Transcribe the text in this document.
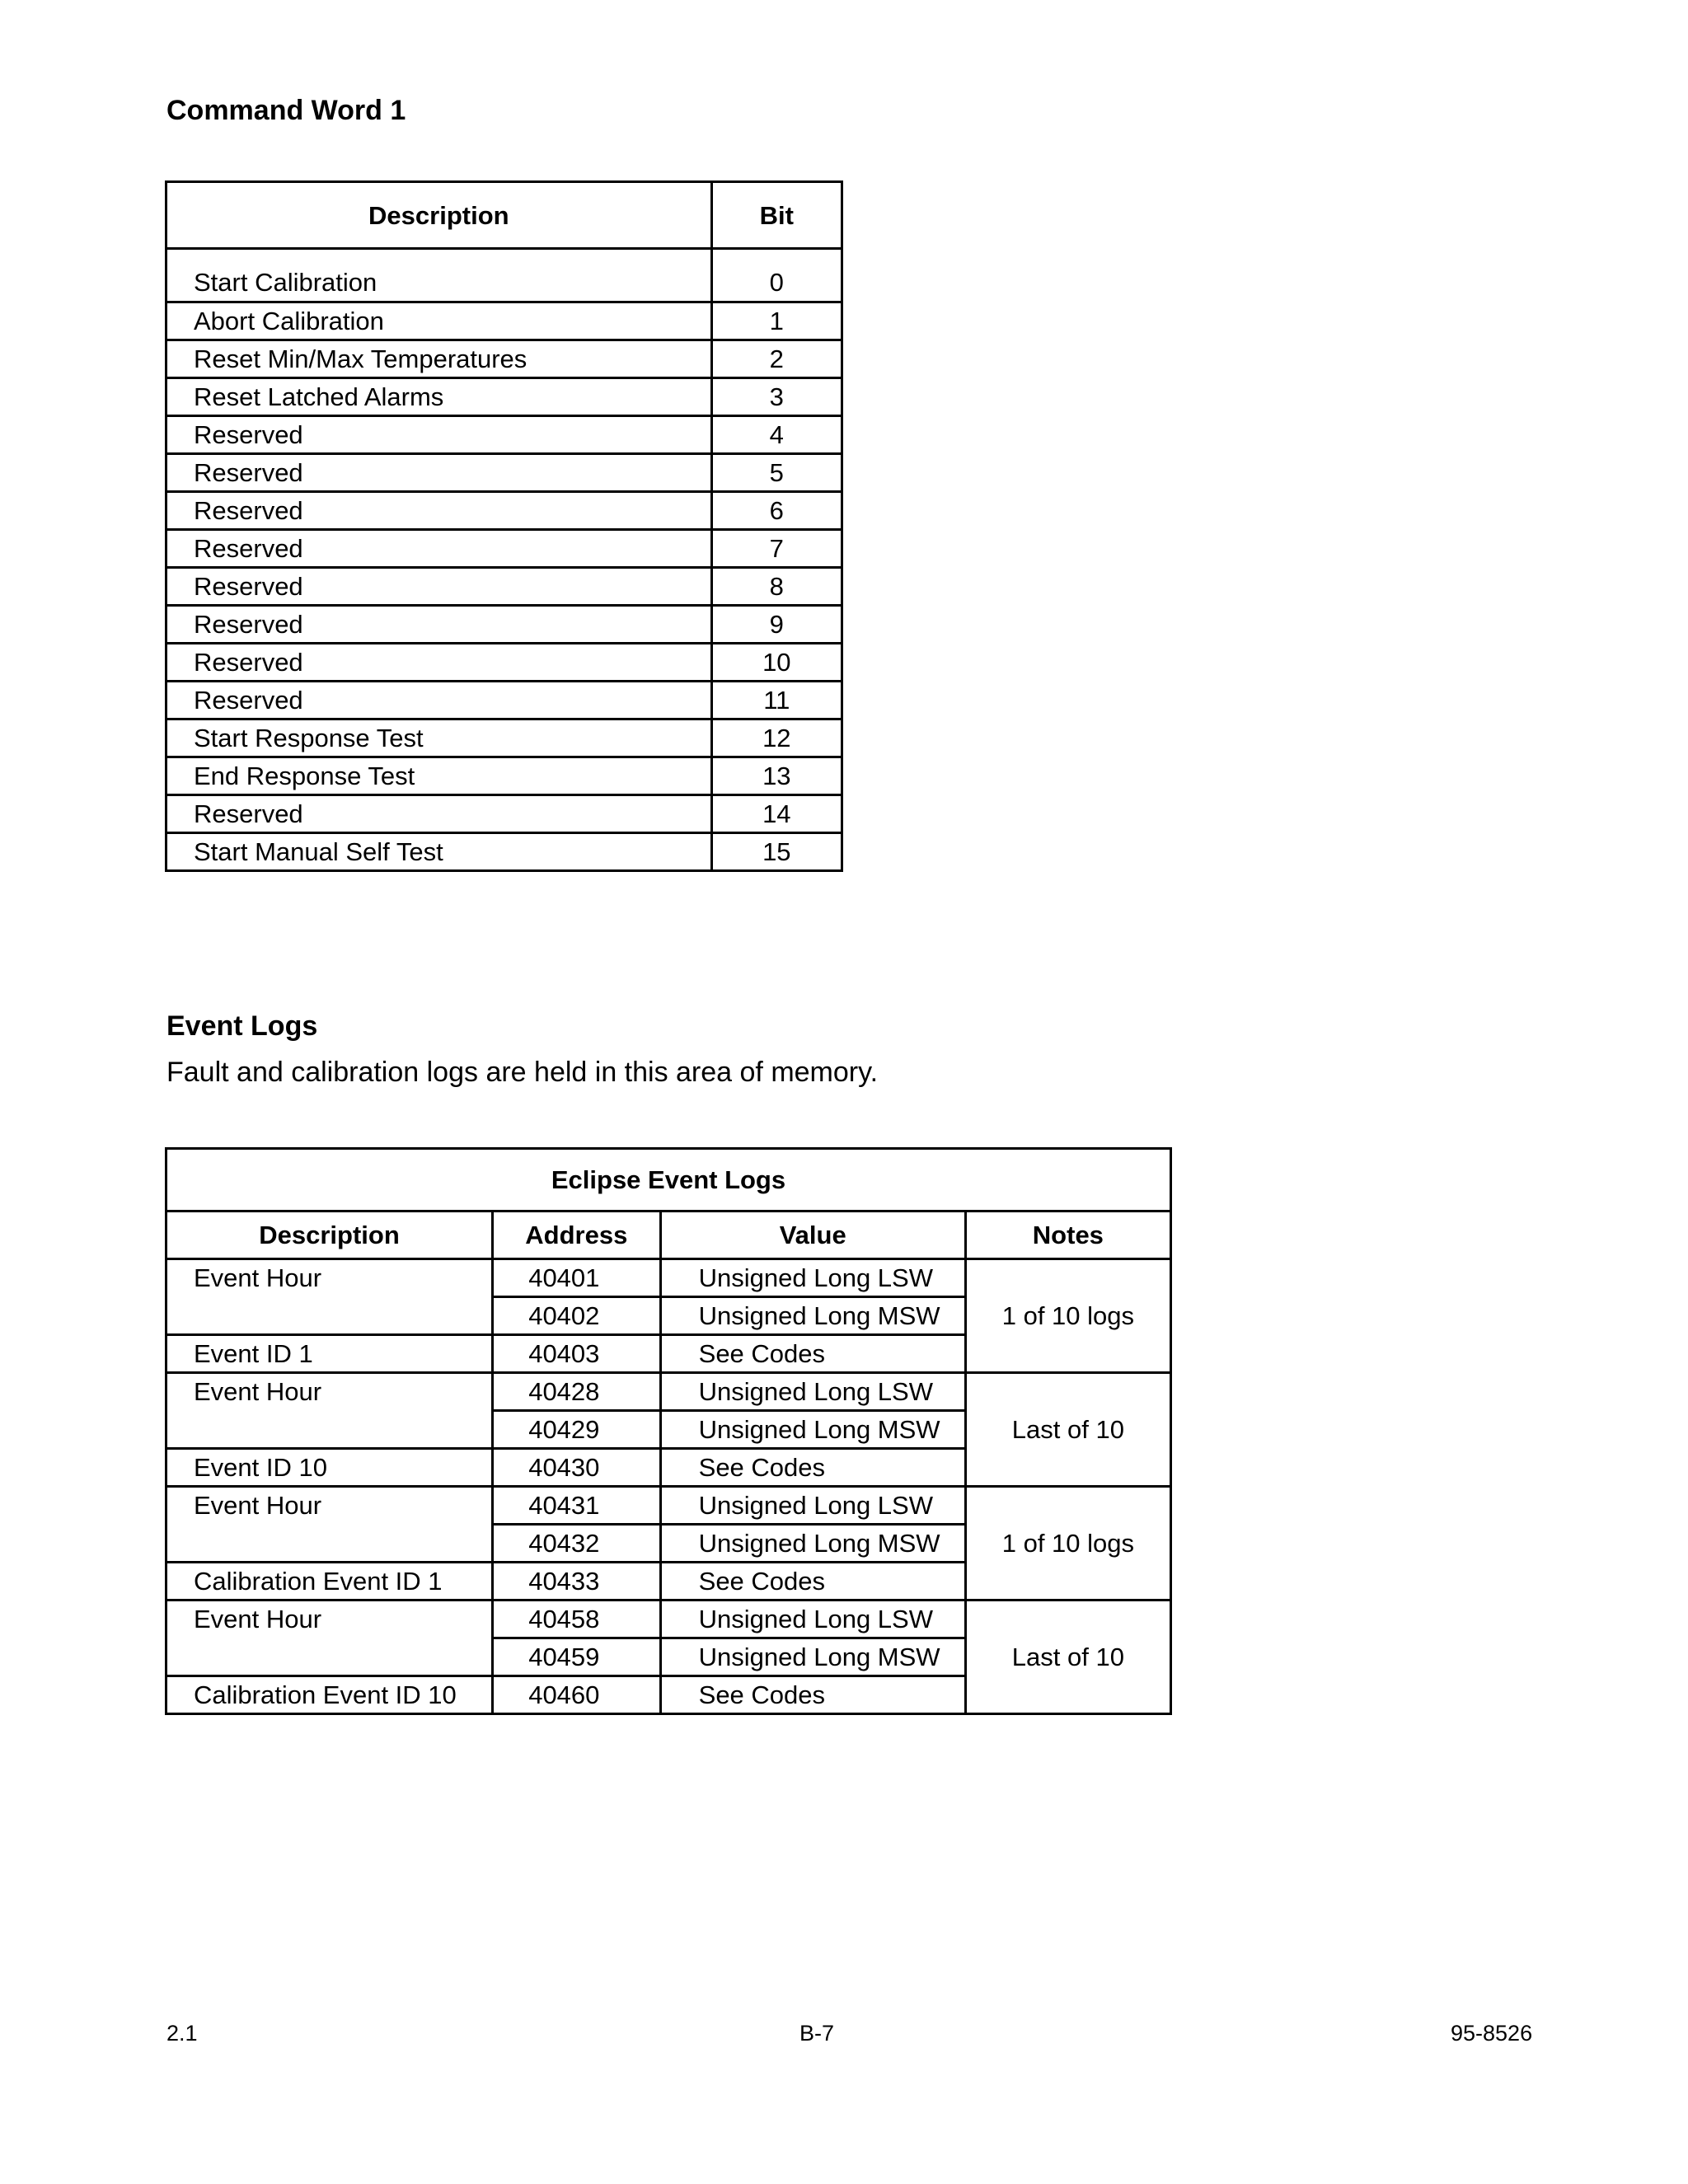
Command Word 1
Description	Bit
Start Calibration	0
Abort Calibration	1
Reset Min/Max Temperatures	2
Reset Latched Alarms	3
Reserved	4
Reserved	5
Reserved	6
Reserved	7
Reserved	8
Reserved	9
Reserved	10
Reserved	11
Start Response Test	12
End Response Test	13
Reserved	14
Start Manual Self Test	15
Event Logs

Fault and calibration logs are held in this area of memory.

Eclipse Event Logs			
Description	Address	Value	Notes
Event Hour	40401	Unsigned Long LSW	1 of 10 logs
	40402	Unsigned Long MSW	
Event ID 1	40403	See Codes	
Event Hour	40428	Unsigned Long LSW	Last of 10
	40429	Unsigned Long MSW	
Event ID 10	40430	See Codes	
Event Hour	40431	Unsigned Long LSW	1 of 10 logs
	40432	Unsigned Long MSW	
Calibration Event ID 1	40433	See Codes	
Event Hour	40458	Unsigned Long LSW	Last of 10
	40459	Unsigned Long MSW	
Calibration Event ID 10	40460	See Codes	

2.1	B-7	95-8526
